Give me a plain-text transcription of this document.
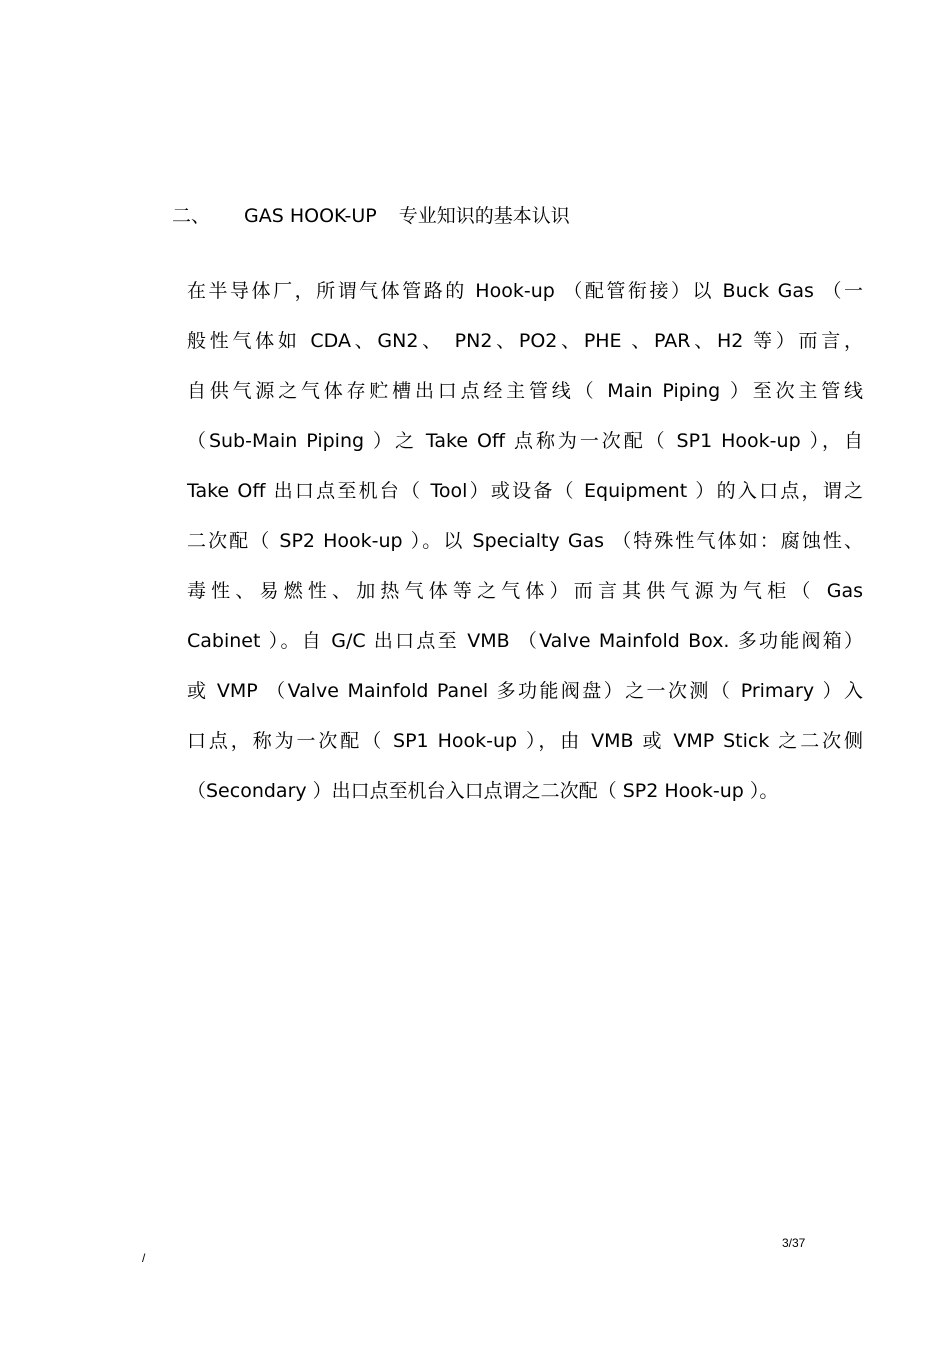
二、 GAS HOOK-UP 专业知识的基本认识
在半导体厂，所谓气体管路的 Hook-up （配管衔接）以 Buck Gas （一
般性气体如 CDA、GN2、 PN2、PO2、PHE 、PAR、H2 等）而言，
自供气源之气体存贮槽出口点经主管线（ Main Piping ）至次主管线
（Sub-Main Piping ）之 Take Off 点称为一次配（ SP1 Hook-up ），自
Take Off 出口点至机台（ Tool）或设备（ Equipment ）的入口点，谓之
二次配（ SP2 Hook-up ）。以 Specialty Gas （特殊性气体如：腐蚀性、
毒性、易燃性、加热气体等之气体）而言其供气源为气柜（ Gas
Cabinet ）。自 G/C 出口点至 VMB （Valve Mainfold Box. 多功能阀箱）
或 VMP （Valve Mainfold Panel 多功能阀盘）之一次测（ Primary ）入
口点，称为一次配（ SP1 Hook-up ），由 VMB 或 VMP Stick 之二次侧
（Secondary ）出口点至机台入口点谓之二次配（ SP2 Hook-up ）。
3/37
/
